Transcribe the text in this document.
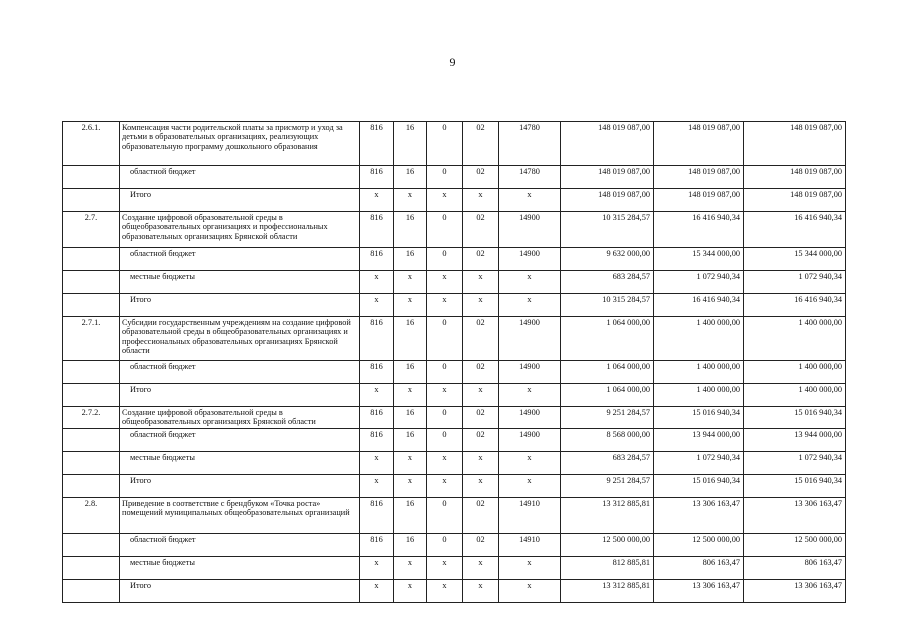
9
2.6.1.	Компенсация части родительской платы за присмотр и уход за детьми в образовательных организациях, реализующих образовательную программу дошкольного образования	816	16	0	02	14780	148 019 087,00	148 019 087,00	148 019 087,00
	областной бюджет	816	16	0	02	14780	148 019 087,00	148 019 087,00	148 019 087,00
	Итого	x	x	x	x	x	148 019 087,00	148 019 087,00	148 019 087,00
2.7.	Создание цифровой образовательной среды в общеобразовательных организациях и профессиональных образовательных организациях Брянской области	816	16	0	02	14900	10 315 284,57	16 416 940,34	16 416 940,34
	областной бюджет	816	16	0	02	14900	9 632 000,00	15 344 000,00	15 344 000,00
	местные бюджеты	x	x	x	x	x	683 284,57	1 072 940,34	1 072 940,34
	Итого	x	x	x	x	x	10 315 284,57	16 416 940,34	16 416 940,34
2.7.1.	Субсидии государственным учреждениям на создание цифровой образовательной среды в общеобразовательных организациях и профессиональных образовательных организациях Брянской области	816	16	0	02	14900	1 064 000,00	1 400 000,00	1 400 000,00
	областной бюджет	816	16	0	02	14900	1 064 000,00	1 400 000,00	1 400 000,00
	Итого	x	x	x	x	x	1 064 000,00	1 400 000,00	1 400 000,00
2.7.2.	Создание цифровой образовательной среды в общеобразовательных организациях Брянской области	816	16	0	02	14900	9 251 284,57	15 016 940,34	15 016 940,34
	областной бюджет	816	16	0	02	14900	8 568 000,00	13 944 000,00	13 944 000,00
	местные бюджеты	x	x	x	x	x	683 284,57	1 072 940,34	1 072 940,34
	Итого	x	x	x	x	x	9 251 284,57	15 016 940,34	15 016 940,34
2.8.	Приведение в соответствие с брендбуком «Точка роста» помещений муниципальных общеобразовательных организаций	816	16	0	02	14910	13 312 885,81	13 306 163,47	13 306 163,47
	областной бюджет	816	16	0	02	14910	12 500 000,00	12 500 000,00	12 500 000,00
	местные бюджеты	x	x	x	x	x	812 885,81	806 163,47	806 163,47
	Итого	x	x	x	x	x	13 312 885,81	13 306 163,47	13 306 163,47
